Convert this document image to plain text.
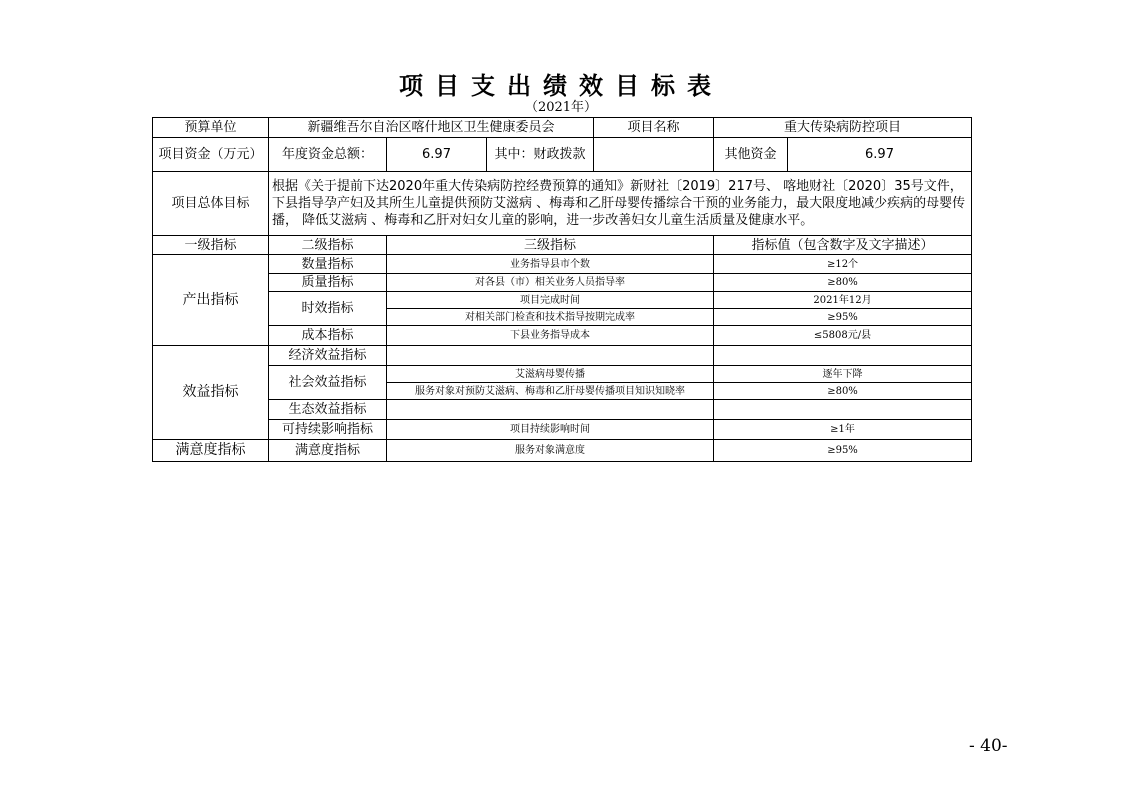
项目支出绩效目标表
（2021年）
预算单位	新疆维吾尔自治区喀什地区卫生健康委员会			项目名称	重大传染病防控项目	
项目资金（万元）	年度资金总额：	6.97	其中：财政拨款		其他资金	6.97
项目总体目标	根据《关于提前下达2020年重大传染病防控经费预算的通知》新财社〔2019〕217号、 喀地财社〔2020〕35号文件， 下县指导孕产妇及其所生儿童提供预防艾滋病 、梅毒和乙肝母婴传播综合干预的业务能力，最大限度地减少疾病的母婴传播， 降低艾滋病 、梅毒和乙肝对妇女儿童的影响，进一步改善妇女儿童生活质量及健康水平。					
一级指标	二级指标	三级指标			指标值（包含数字及文字描述）	
产出指标	数量指标	业务指导县市个数			≥12个	
	质量指标	对各县（市）相关业务人员指导率			≥80%	
	时效指标	项目完成时间			2021年12月	
		对相关部门检查和技术指导按期完成率			≥95%	
	成本指标	下县业务指导成本			≤5808元/县	
效益指标	经济效益指标					
	社会效益指标	艾滋病母婴传播			逐年下降	
		服务对象对预防艾滋病、梅毒和乙肝母婴传播项目知识知晓率			≥80%	
	生态效益指标					
	可持续影响指标	项目持续影响时间			≥1年	
满意度指标	满意度指标	服务对象满意度			≥95%	
- 40-
